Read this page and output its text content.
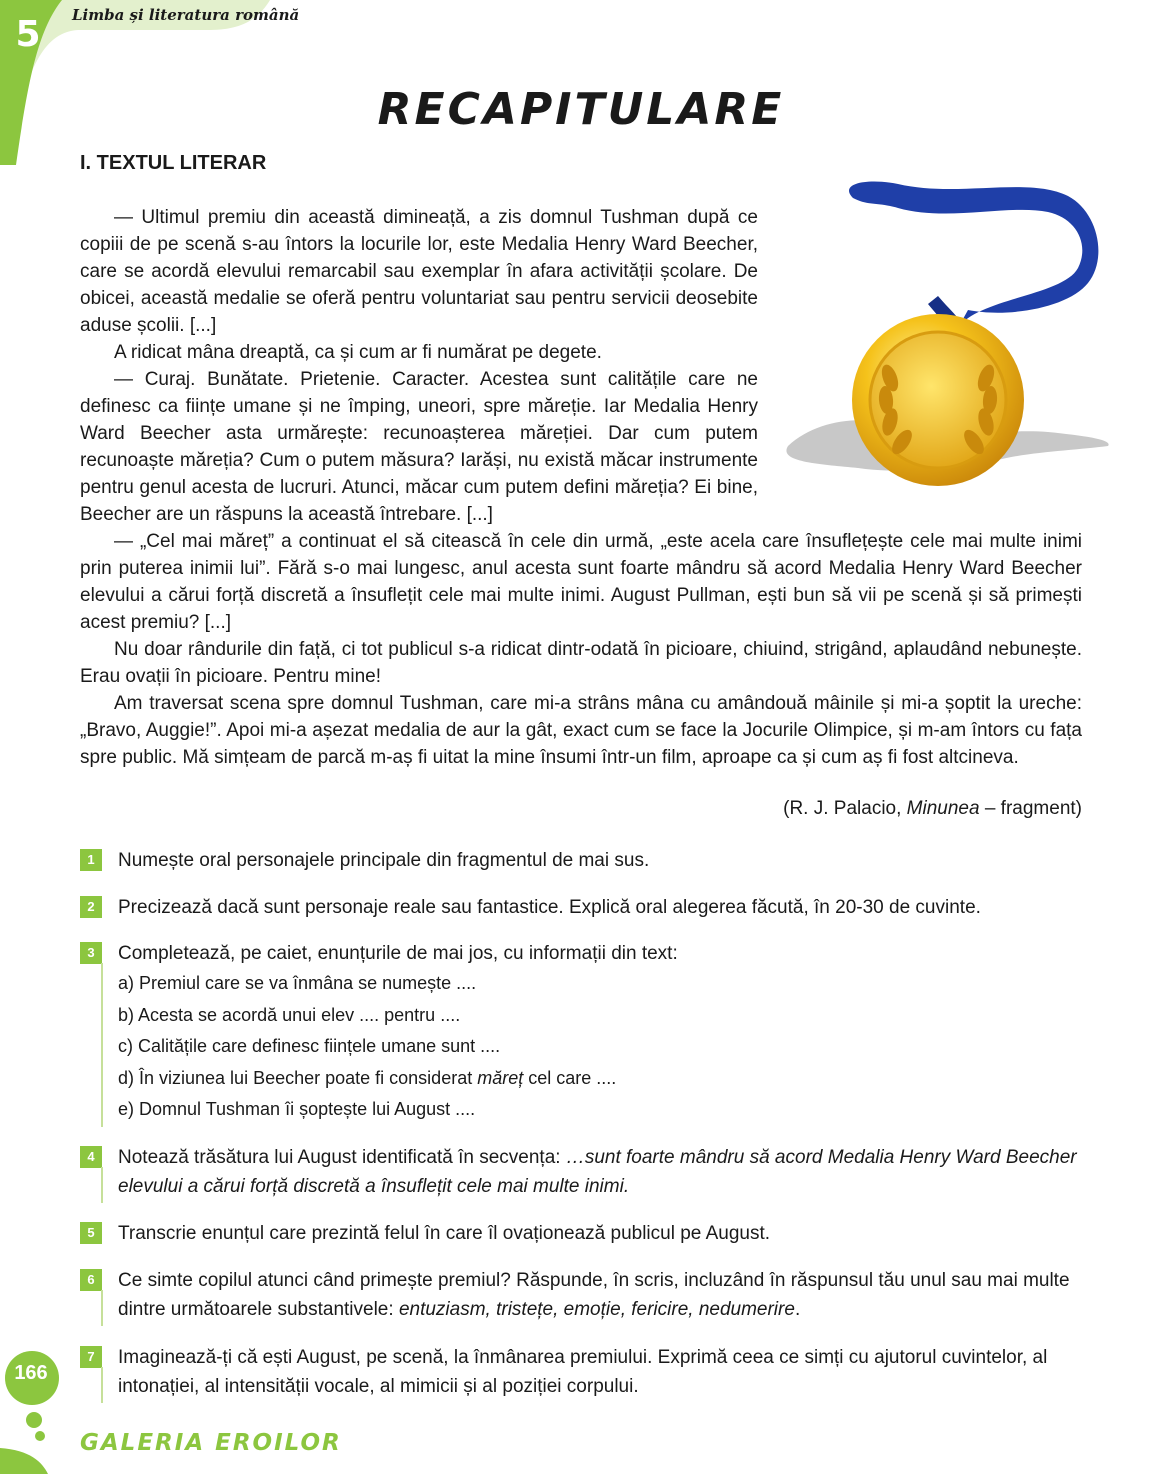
5	Limba și literatura română
RECAPITULARE
I. TEXTUL LITERAR

— Ultimul premiu din această dimineață, a zis domnul Tushman după ce copiii de pe scenă s-au întors la locurile lor, este Medalia Henry Ward Beecher, care se acordă elevului remarcabil sau exemplar în afara activității școlare. De obicei, această medalie se oferă pentru voluntariat sau pentru servicii deosebite aduse școlii. [...]

A ridicat mâna dreaptă, ca și cum ar fi numărat pe degete.

— Curaj. Bunătate. Prietenie. Caracter. Acestea sunt calitățile care ne definesc ca ființe umane și ne împing, uneori, spre măreție. Iar Medalia Henry Ward Beecher asta urmărește: recunoașterea măreției. Dar cum putem recunoaște măreția? Cum o putem măsura? Iarăși, nu există măcar instrumente pentru genul acesta de lucruri. Atunci, măcar cum putem defini măreția? Ei bine, Beecher are un răspuns la această întrebare. [...]

— „Cel mai măreț” a continuat el să citească în cele din urmă, „este acela care însuflețește cele mai multe inimi prin puterea inimii lui”. Fără s-o mai lungesc, anul acesta sunt foarte mândru să acord Medalia Henry Ward Beecher elevului a cărui forță discretă a însuflețit cele mai multe inimi. August Pullman, ești bun să vii pe scenă și să primești acest premiu? [...]

Nu doar rândurile din față, ci tot publicul s-a ridicat dintr-odată în picioare, chiuind, strigând, aplaudând nebunește. Erau ovații în picioare. Pentru mine!

Am traversat scena spre domnul Tushman, care mi-a strâns mâna cu amândouă mâinile și mi-a șoptit la ureche: „Bravo, Auggie!”. Apoi mi-a așezat medalia de aur la gât, exact cum se face la Jocurile Olimpice, și m-am întors cu fața spre public. Mă simțeam de parcă m-aș fi uitat la mine însumi într-un film, aproape ca și cum aș fi fost altcineva.

(R. J. Palacio, Minunea – fragment)
1	Numește oral personajele principale din fragmentul de mai sus.
2	Precizează dacă sunt personaje reale sau fantastice. Explică oral alegerea făcută, în 20-30 de cuvinte.
3	Completează, pe caiet, enunțurile de mai jos, cu informații din text:
a) Premiul care se va înmâna se numește ....
b) Acesta se acordă unui elev .... pentru ....
c) Calitățile care definesc ființele umane sunt ....
d) În viziunea lui Beecher poate fi considerat măreț cel care ....
e) Domnul Tushman îi șoptește lui August ....
4	Notează trăsătura lui August identificată în secvența: …sunt foarte mândru să acord Medalia Henry Ward Beecher elevului a cărui forță discretă a însuflețit cele mai multe inimi.
5	Transcrie enunțul care prezintă felul în care îl ovaționează publicul pe August.
6	Ce simte copilul atunci când primește premiul? Răspunde, în scris, incluzând în răspunsul tău unul sau mai multe dintre următoarele substantivele: entuziasm, tristețe, emoție, fericire, nedumerire.
7	Imaginează-ți că ești August, pe scenă, la înmânarea premiului. Exprimă ceea ce simți cu ajutorul cuvintelor, al intonației, al intensității vocale, al mimicii și al poziției corpului.
166
GALERIA EROILOR
